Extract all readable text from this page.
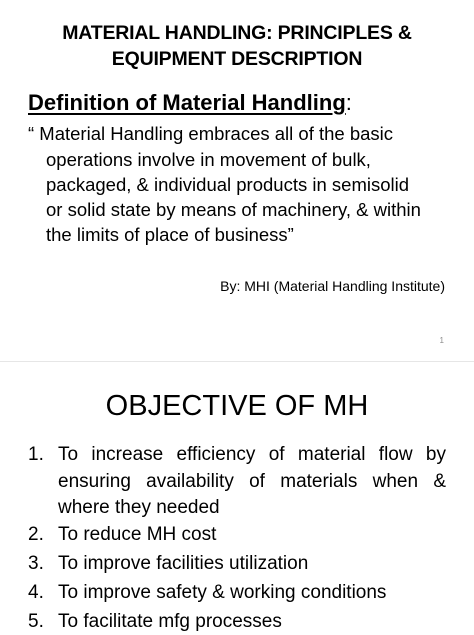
MATERIAL HANDLING: PRINCIPLES &
EQUIPMENT DESCRIPTION
Definition of Material Handling:
“ Material Handling embraces all of the basic
operations involve in movement of bulk,
packaged, & individual products in semisolid
or solid state by means of machinery, & within
the limits of place of business”
By: MHI (Material Handling Institute)
1
OBJECTIVE OF MH
1. To increase efficiency of material flow by
ensuring availability of materials when &
where they needed
2. To reduce MH cost
3. To improve facilities utilization
4. To improve safety & working conditions
5. To facilitate mfg processes
